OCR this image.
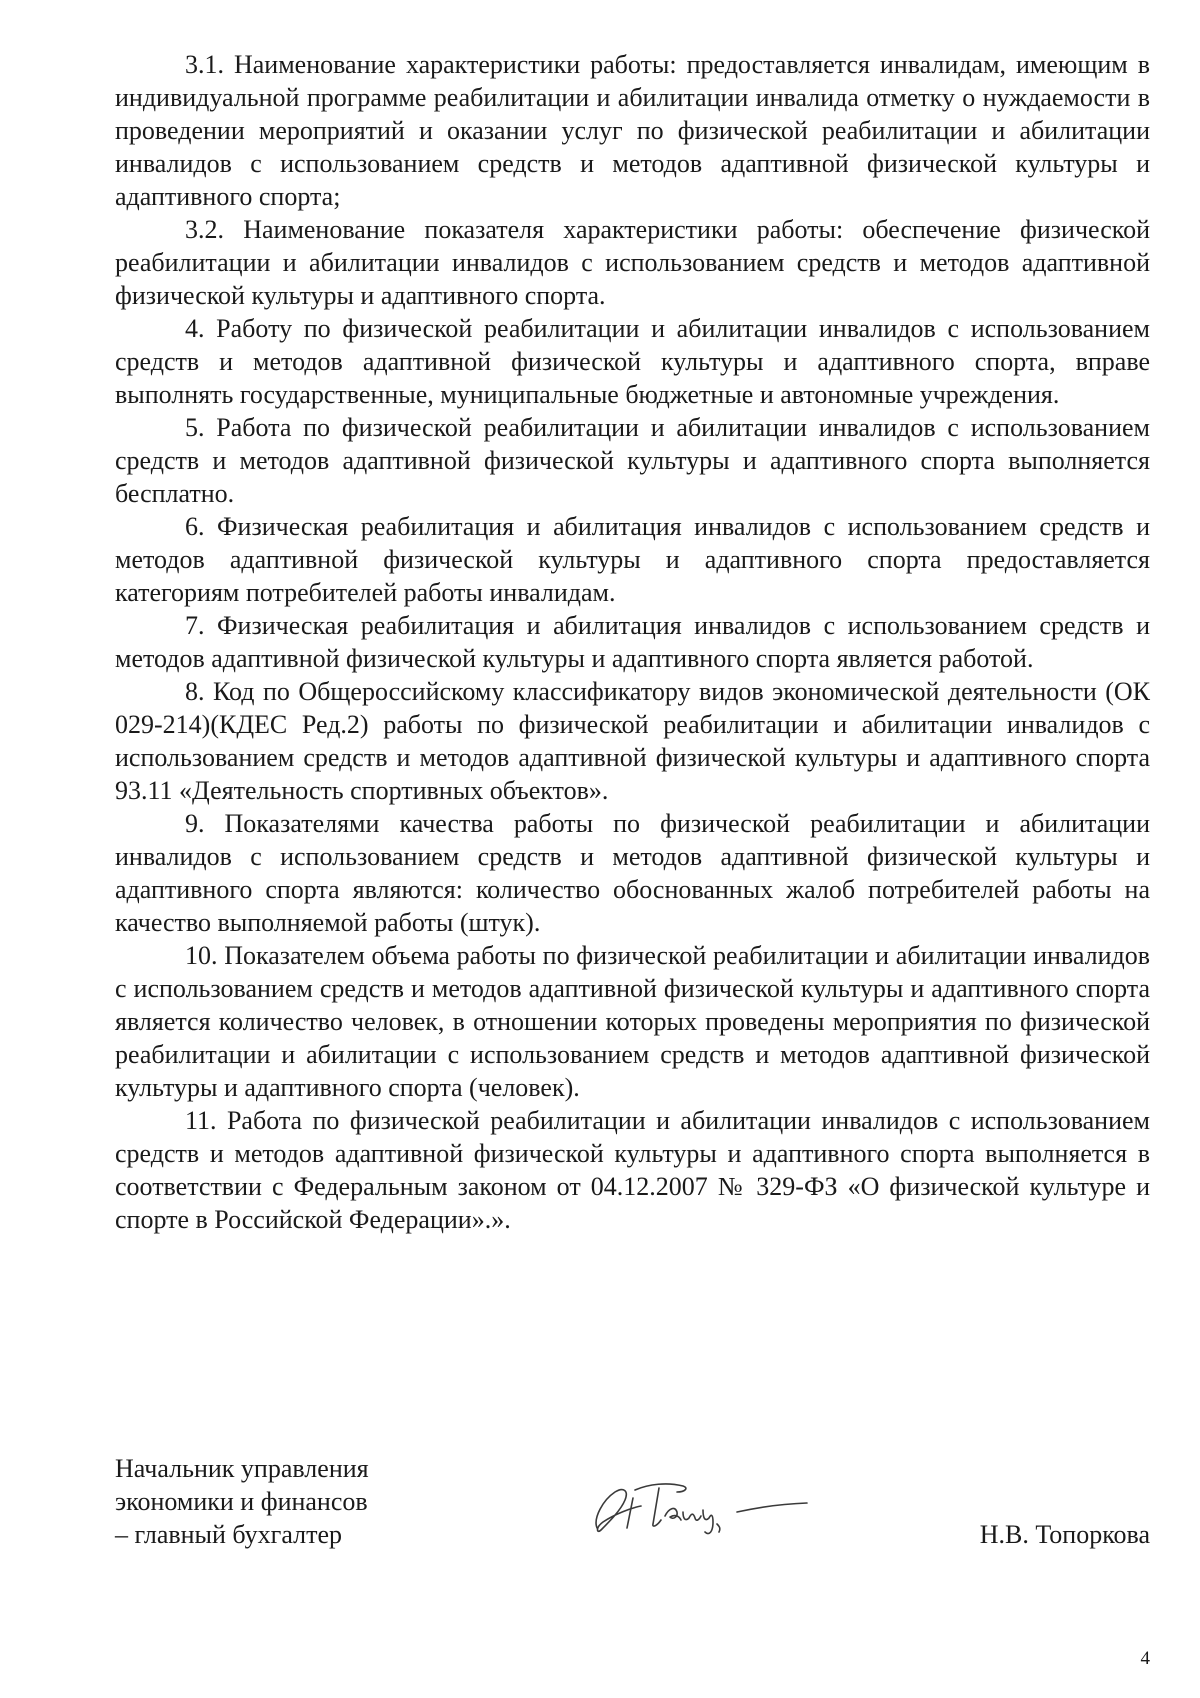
3.1. Наименование характеристики работы: предоставляется инвалидам, имеющим в индивидуальной программе реабилитации и абилитации инвалида отметку о нуждаемости в проведении мероприятий и оказании услуг по физической реабилитации и абилитации инвалидов с использованием средств и методов адаптивной физической культуры и адаптивного спорта;

3.2. Наименование показателя характеристики работы: обеспечение физической реабилитации и абилитации инвалидов с использованием средств и методов адаптивной физической культуры и адаптивного спорта.

4. Работу по физической реабилитации и абилитации инвалидов с использованием средств и методов адаптивной физической культуры и адаптивного спорта, вправе выполнять государственные, муниципальные бюджетные и автономные учреждения.

5. Работа по физической реабилитации и абилитации инвалидов с использованием средств и методов адаптивной физической культуры и адаптивного спорта выполняется бесплатно.

6. Физическая реабилитация и абилитация инвалидов с использованием средств и методов адаптивной физической культуры и адаптивного спорта предоставляется категориям потребителей работы инвалидам.

7. Физическая реабилитация и абилитация инвалидов с использованием средств и методов адаптивной физической культуры и адаптивного спорта является работой.

8. Код по Общероссийскому классификатору видов экономической деятельности (ОК 029-214)(КДЕС Ред.2) работы по физической реабилитации и абилитации инвалидов с использованием средств и методов адаптивной физической культуры и адаптивного спорта 93.11 «Деятельность спортивных объектов».

9. Показателями качества работы по физической реабилитации и абилитации инвалидов с использованием средств и методов адаптивной физической культуры и адаптивного спорта являются: количество обоснованных жалоб потребителей работы на качество выполняемой работы (штук).

10. Показателем объема работы по физической реабилитации и абилитации инвалидов с использованием средств и методов адаптивной физической культуры и адаптивного спорта является количество человек, в отношении которых проведены мероприятия по физической реабилитации и абилитации с использованием средств и методов адаптивной физической культуры и адаптивного спорта (человек).

11. Работа по физической реабилитации и абилитации инвалидов с использованием средств и методов адаптивной физической культуры и адаптивного спорта выполняется в соответствии с Федеральным законом от 04.12.2007 № 329-ФЗ «О физической культуре и спорте в Российской Федерации».».

Начальник управления
экономики и финансов
– главный бухгалтер	Н.В. Топоркова
4
